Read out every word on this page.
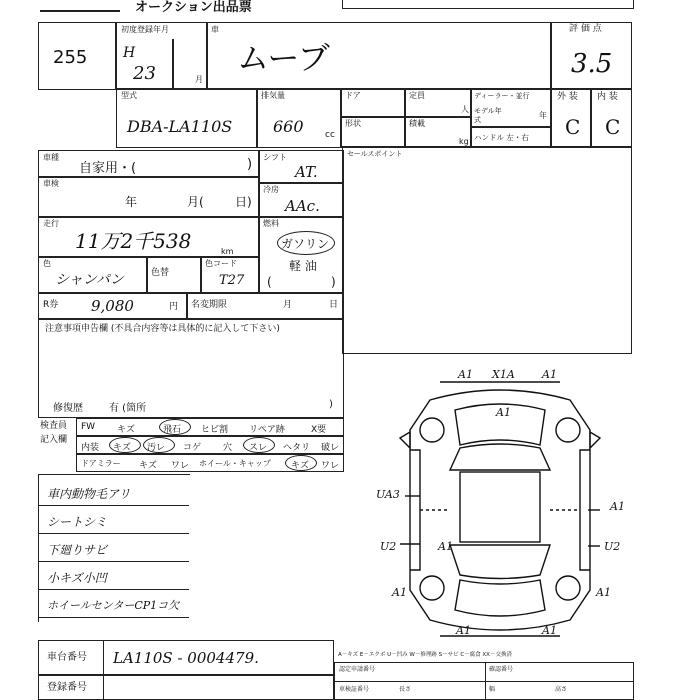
オークション出品票
255
初度登録年月
H
23	月
車
ムーブ
評 価 点
3.5
型式
DBA-LA110S
排気量
660 cc
ドア	定員
人
ディーラー・並行
モデル年式	年
外 装
C
内 装
C
形状	積載
kg ハンドル 左・右
車種
自家用・(	)
車検
年	月(	日)
シフト
AT.
冷房
AAc.
走行
11万2千538	km
燃料
ガソリン
軽 油
(	)
色
シャンパン	色替
色コード
T27
R券 9,080	円 名変期限	月	日
注意事項申告欄 (不具合内容等は具体的に記入して下さい)
修復歴	有 (箇所	)
検査員
記入欄
FW キズ	飛石 ヒビ割 リペア跡	X要
内装 キズ 汚レ コゲ 穴 スレ ヘタリ 破レ
ドアミラー キズ ワレ ホイール・キャップ キズ ワレ
車内動物毛アリ
シートシミ
下廻りサビ
小キズ小凹
ホイールセンターCP1コ欠
セールスポイント
A1 X1A A1
A1
UA3
A1
U2	U2
A1
A1	A1
A1	A1
車台番号 LA110S - 0004479.
登録番号
A－キズ E－エクボ U－凹み W－修理跡 S－サビ C－腐食 XX－交換済
認定申請番号	確認番号
車検証番号	長さ	幅	高さ
